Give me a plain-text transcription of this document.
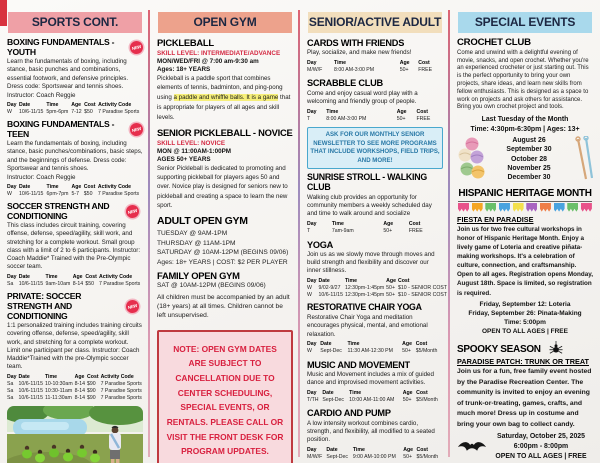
SPORTS CONT.
BOXING FUNDAMENTALS - YOUTH	NEW
Learn the fundamentals of boxing, including stance, basic punches and combinations, essential footwork, and defensive principles. Dress code: Sportswear and tennis shoes.
Instructor: Coach Reggie
Day	Date	Time	Age	Cost	Activity Code
W	10/6-11/15	5pm-6pm	7-12	$50	7 Paradise Sports
BOXING FUNDAMENTALS - TEEN	NEW
Learn the fundamentals of boxing, including stance, basic punches/combinations, basic steps, and the beginnings of defense. Dress code: Sportswear and tennis shoes.
Instructor: Coach Reggie
Day	Date	Time	Age	Cost	Activity Code
W	10/6-11/15	6pm-7pm	5-7	$50	7 Paradise Sports
SOCCER STRENGTH AND CONDITIONING	NEW
This class includes circuit training, covering offense, defense, speed/agility, skill work, and stretching for a complete workout. Small group class with a limit of 2 to 6 participants. Instructor: Coach Maddie* Trained with the Pre-Olympic soccer team.
Day	Date	Time	Age	Cost	Activity Code
Sa	10/6-11/15	9am-10am	8-14	$50	7 Paradise Sports
PRIVATE: SOCCER STRENGTH AND CONDITIONING
NEW
1:1 personalized training includes training circuits covering offense, defense, speed/agility, skill work, and stretching for a complete workout. Limit one participant per class. Instructor: Coach Maddie*Trained with the pre-Olympic soccer team.
Day	Date	Time	Age	Cost	Activity Code
Sa	10/6-11/15	10-10:30am	8-14	$90	7 Paradise Sports
Sa	10/6-11/15	10:30-11am	8-14	$90	7 Paradise Sports
Sa	10/6-11/15	11-11:30am	8-14	$90	7 Paradise Sports
OPEN GYM
PICKLEBALL
SKILL LEVEL: INTERMEDIATE/ADVANCE
MON/WED/FRI @ 7:00 am-9:30 am
Ages: 18+ YEARS
Pickleball is a paddle sport that combines elements of tennis, badminton, and ping-pong using a paddle and whiffle balls. It is a game that is appropriate for players of all ages and skill levels.
SENIOR PICKLEBALL - NOVICE
SKILL LEVEL: NOVICE
MON @ 11:00AM-1:00PM
AGES 50+ YEARS
Senior Pickleball is dedicated to promoting and supporting pickleball for players ages 50 and over. Novice play is designed for seniors new to pickleball and creating a space to learn the new sport.
ADULT OPEN GYM
TUESDAY @ 9AM-1PM
THURSDAY @ 11AM-1PM
SATURDAY @ 10AM-12PM (BEGINS 09/06)
Ages: 18+ YEARS | COST: $2 PER PLAYER
FAMILY OPEN GYM
SAT @ 10AM-12PM (BEGINS 09/06)
All children must be accompanied by an adult (18+ years) at all times. Children cannot be left unsupervised.
NOTE: OPEN GYM DATES ARE SUBJECT TO CANCELLATION DUE TO CENTER SCHEDULING, SPECIAL EVENTS, OR RENTALS. PLEASE CALL OR VISIT THE FRONT DESK FOR PROGRAM UPDATES.
SENIOR/ACTIVE ADULT
CARDS WITH FRIENDS
Play, socialize, and make new friends!
Day	Time	Age	Cost
M/W/F	8:00 AM-3:00 PM	50+	FREE
SCRABBLE CLUB
Come and enjoy casual word play with a welcoming and friendly group of people.
Day	Time	Age	Cost
T	8:00 AM-3:00 PM	50+	FREE
ASK FOR OUR MONTHLY SENIOR NEWSLETTER TO SEE MORE PROGRAMS THAT INCLUDE WORKSHOPS, FIELD TRIPS, AND MORE!
SUNRISE STROLL - WALKING CLUB
Walking club provides an opportunity for community members a weekly scheduled day and time to walk around and socialize
Day	Time	Age	Cost
T	7am-9am	50+	FREE
YOGA
Join us as we slowly move through moves and build strength and flexibility and discover our inner stillness.
Day	Date	Time	Age	Cost
W	9/02-9/27	12:30pm-1:45pm	50+	$10 - SENIOR COST
W	10/6-11/15	12:30pm-1:45pm	50+	$10 - SENIOR COST
RESTORATIVE CHAIR YOGA
Restorative Chair Yoga and meditation encourages physical, mental, and emotional relaxation.
Day	Date	Time	Age	Cost
W	Sept-Dec	11:30 AM-12:30 PM	50+	$5/Month
MUSIC AND MOVEMENT
Music and Movement includes a mix of guided dance and improvised movement activities.
Day	Date	Time	Age	Cost
T/TH	Sept-Dec	10:00 AM-11:00 AM	50+	$5/Month
CARDIO AND PUMP
A low intensity workout combines cardio, strength, and flexibility, all modified to a seated position.
Day	Date	Time	Age	Cost
M/W/F	Sept-Dec	9:00 AM-10:00 PM	50+	$5/Month
SPECIAL EVENTS
CROCHET CLUB
Come and unwind with a delightful evening of movie, snacks, and open crochet. Whether you're an experienced crocheter or just starting out. This is the perfect opportunity to bring your own projects, share ideas, and learn new skills from fellow enthusiasts. This is designed as a space to work on projects and ask others for assistance. Bring you own crochet project and tools.
Last Tuesday of the Month
Time: 4:30pm-6:30pm | Ages: 13+
August 26
September 30
October 28
November 25
December 30
HISPANIC HERITAGE MONTH
FIESTA EN PARADISE
Join us for two free cultural workshops in honor of Hispanic Heritage Month. Enjoy a lively game of Loteria and creative piñata-making workshops. It's a celebration of culture, connection, and craftsmanship. Open to all ages. Registration opens Monday, August 18th. Space is limited, so registration is required.
Friday, September 12: Loteria
Friday, September 26: Pinata-Making
Time: 5:00pm
OPEN TO ALL AGES | FREE
SPOOKY SEASON
PARADISE PATCH: TRUNK OR TREAT
Join us for a fun, free family event hosted by the Paradise Recreation Center. The community is invited to enjoy an evening of trunk-or-treating, games, crafts, and much more! Dress up in costume and bring your own bag to collect candy.
Saturday, October 25, 2025
6:00pm - 8:00pm
OPEN TO ALL AGES | FREE
